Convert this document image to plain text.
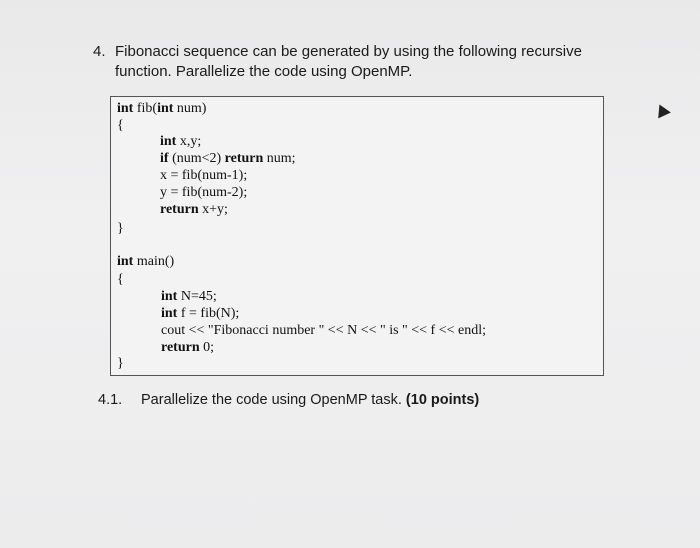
4. Fibonacci sequence can be generated by using the following recursive
function. Parallelize the code using OpenMP.
int fib(int num)
{
int x,y;
if (num<2) return num;
x = fib(num-1);
y = fib(num-2);
return x+y;
}
int main()
{
int N=45;
int f = fib(N);
cout << "Fibonacci number " << N << " is " << f << endl;
return 0;
}
4.1. Parallelize the code using OpenMP task. (10 points)
